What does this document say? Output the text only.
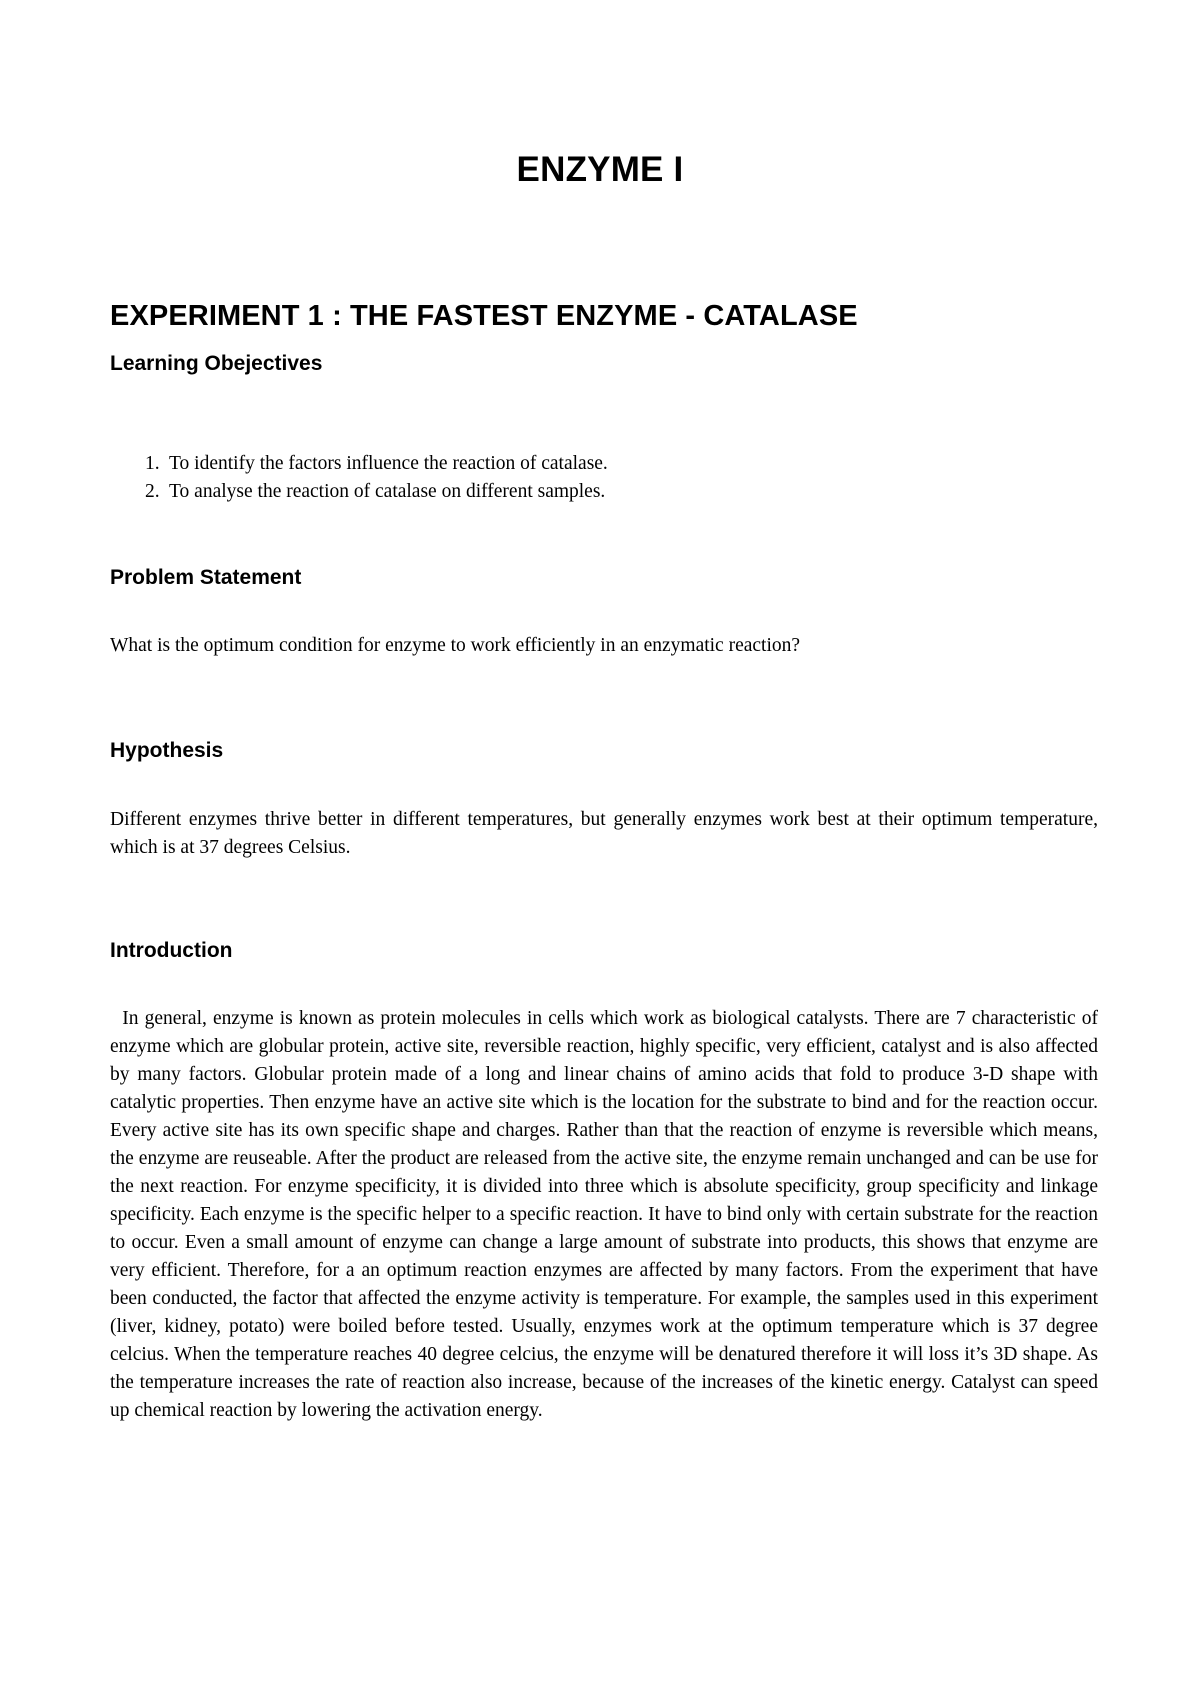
ENZYME I
EXPERIMENT 1 : THE FASTEST ENZYME - CATALASE
Learning Obejectives
1. To identify the factors influence the reaction of catalase.
2. To analyse the reaction of catalase on different samples.
Problem Statement

What is the optimum condition for enzyme to work efficiently in an enzymatic reaction?

Hypothesis

Different enzymes thrive better in different temperatures, but generally enzymes work best at their optimum temperature, which is at 37 degrees Celsius.

Introduction

In general, enzyme is known as protein molecules in cells which work as biological catalysts. There are 7 characteristic of enzyme which are globular protein, active site, reversible reaction, highly specific, very efficient, catalyst and is also affected by many factors. Globular protein made of a long and linear chains of amino acids that fold to produce 3-D shape with catalytic properties. Then enzyme have an active site which is the location for the substrate to bind and for the reaction occur. Every active site has its own specific shape and charges. Rather than that the reaction of enzyme is reversible which means, the enzyme are reuseable. After the product are released from the active site, the enzyme remain unchanged and can be use for the next reaction. For enzyme specificity, it is divided into three which is absolute specificity, group specificity and linkage specificity. Each enzyme is the specific helper to a specific reaction. It have to bind only with certain substrate for the reaction to occur. Even a small amount of enzyme can change a large amount of substrate into products, this shows that enzyme are very efficient. Therefore, for a an optimum reaction enzymes are affected by many factors. From the experiment that have been conducted, the factor that affected the enzyme activity is temperature. For example, the samples used in this experiment (liver, kidney, potato) were boiled before tested. Usually, enzymes work at the optimum temperature which is 37 degree celcius. When the temperature reaches 40 degree celcius, the enzyme will be denatured therefore it will loss it’s 3D shape. As the temperature increases the rate of reaction also increase, because of the increases of the kinetic energy. Catalyst can speed up chemical reaction by lowering the activation energy.
